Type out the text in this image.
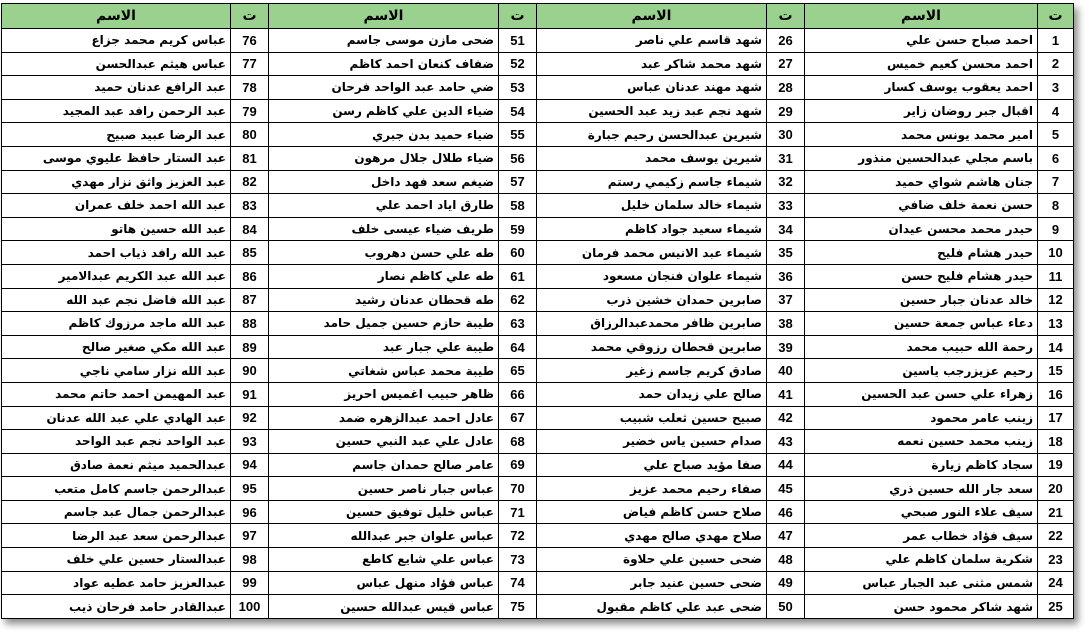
ت	الاسم	ت	الاسم	ت	الاسم	ت	الاسم
1	احمد صباح حسن علي	26	شهد قاسم علي ناصر	51	ضحى مازن موسى جاسم	76	عباس كريم محمد جزاع
2	احمد محسن كعيم خميس	27	شهد محمد شاكر عبد	52	ضفاف كنعان احمد كاظم	77	عباس هيثم عبدالحسن
3	احمد يعقوب يوسف كسار	28	شهد مهند عدنان عباس	53	ضي حامد عبد الواحد فرحان	78	عبد الرافع عدنان حميد
4	اقبال جبر روضان زاير	29	شهد نجم عبد زيد عبد الحسين	54	ضياء الدين علي كاظم رسن	79	عبد الرحمن رافد عبد المجيد
5	امير محمد يونس محمد	30	شيرين عبدالحسن رحيم جبارة	55	ضياء حميد بدن جبري	80	عبد الرضا عبيد صبيح
6	باسم مجلي عبدالحسين منذور	31	شيرين يوسف محمد	56	ضياء طلال جلال مرهون	81	عبد الستار حافظ عليوي موسى
7	جنان هاشم شواي حميد	32	شيماء جاسم زكيمي رستم	57	ضيغم سعد فهد داخل	82	عبد العزيز واثق نزار مهدي
8	حسن نعمة خلف ضافي	33	شيماء خالد سلمان خليل	58	طارق اياد احمد علي	83	عبد الله احمد خلف عمران
9	حيدر محمد محسن عيدان	34	شيماء سعيد جواد كاظم	59	طريف ضياء عيسى خلف	84	عبد الله حسين هاتو
10	حيدر هشام فليح	35	شيماء عبد الانيس محمد فرمان	60	طه علي حسن دهروب	85	عبد الله رافد ذياب احمد
11	حيدر هشام فليح حسن	36	شيماء علوان فنجان مسعود	61	طه علي كاظم نصار	86	عبد الله عبد الكريم عبدالامير
12	خالد عدنان جبار حسين	37	صابرين حمدان خشين ذرب	62	طه قحطان عدنان رشيد	87	عبد الله فاضل نجم عبد الله
13	دعاء عباس جمعة حسين	38	صابرين ظافر محمدعبدالرزاق	63	طيبة حازم حسين جميل حامد	88	عبد الله ماجد مرزوك كاظم
14	رحمة الله حبيب محمد	39	صابرين قحطان رزوقي محمد	64	طيبة علي جبار عبد	89	عبد الله مكي صغير صالح
15	رحيم عزيزرجب ياسين	40	صادق كريم جاسم زغير	65	طيبة محمد عباس شغاتي	90	عبد الله نزار سامي ناجي
16	زهراء علي حسن عبد الحسين	41	صالح علي زيدان حمد	66	ظاهر حبيب اغميس احريز	91	عبد المهيمن احمد حاتم محمد
17	زينب عامر محمود	42	صبيح حسين ثعلب شبيب	67	عادل احمد عبدالزهره ضمد	92	عبد الهادي علي عبد الله عدنان
18	زينب محمد حسين نعمه	43	صدام حسين ياس خضير	68	عادل علي عبد النبي حسين	93	عبد الواحد نجم عبد الواحد
19	سجاد كاظم زيارة	44	صفا مؤيد صباح علي	69	عامر صالح حمدان جاسم	94	عبدالحميد ميثم نعمة صادق
20	سعد جار الله حسين ذري	45	صفاء رحيم محمد عزيز	70	عباس جبار ناصر حسين	95	عبدالرحمن جاسم كامل متعب
21	سيف علاء النور صبحي	46	صلاح حسن كاظم فياض	71	عباس خليل توفيق حسين	96	عبدالرحمن جمال عبد جاسم
22	سيف فؤاد خطاب عمر	47	صلاح مهدي صالح مهدي	72	عباس علوان جبر عبدالله	97	عبدالرحمن سعد عبد الرضا
23	شكرية سلمان كاظم علي	48	ضحى حسين علي حلاوة	73	عباس علي شايع كاطع	98	عبدالستار حسين علي خلف
24	شمس مثنى عبد الجبار عباس	49	ضحى حسين عنيد جابر	74	عباس فؤاد منهل عباس	99	عبدالعزيز حامد عطيه عواد
25	شهد شاكر محمود حسن	50	ضحى عبد علي كاظم مقبول	75	عباس قيس عبدالله حسين	100	عبدالقادر حامد فرحان ذيب
